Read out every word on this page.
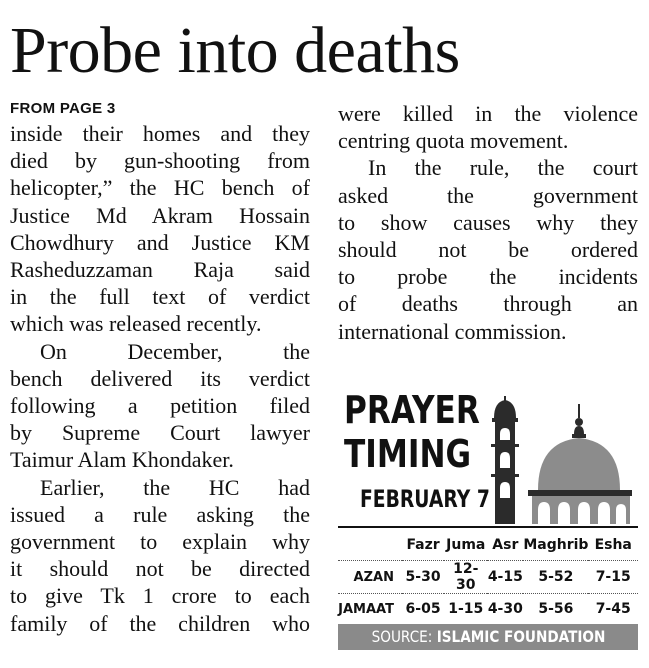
Probe into deaths
FROM PAGE 3
inside their homes and they
died by gun-shooting from
helicopter,” the HC bench of
Justice Md Akram Hossain
Chowdhury and Justice KM
Rasheduzzaman Raja said
in the full text of verdict
which was released recently.
On December, the
bench delivered its verdict
following a petition filed
by Supreme Court lawyer
Taimur Alam Khondaker.
Earlier, the HC had
issued a rule asking the
government to explain why
it should not be directed
to give Tk 1 crore to each
family of the children who
were killed in the violence
centring quota movement.
In the rule, the court
asked the government
to show causes why they
should not be ordered
to probe the incidents
of deaths through an
international commission.
PRAYER
TIMING
FEBRUARY 7
	Fazr	Juma	Asr	Maghrib	Esha
AZAN	5-30	12-30	4-15	5-52	7-15
JAMAAT	6-05	1-15	4-30	5-56	7-45
SOURCE: ISLAMIC FOUNDATION
